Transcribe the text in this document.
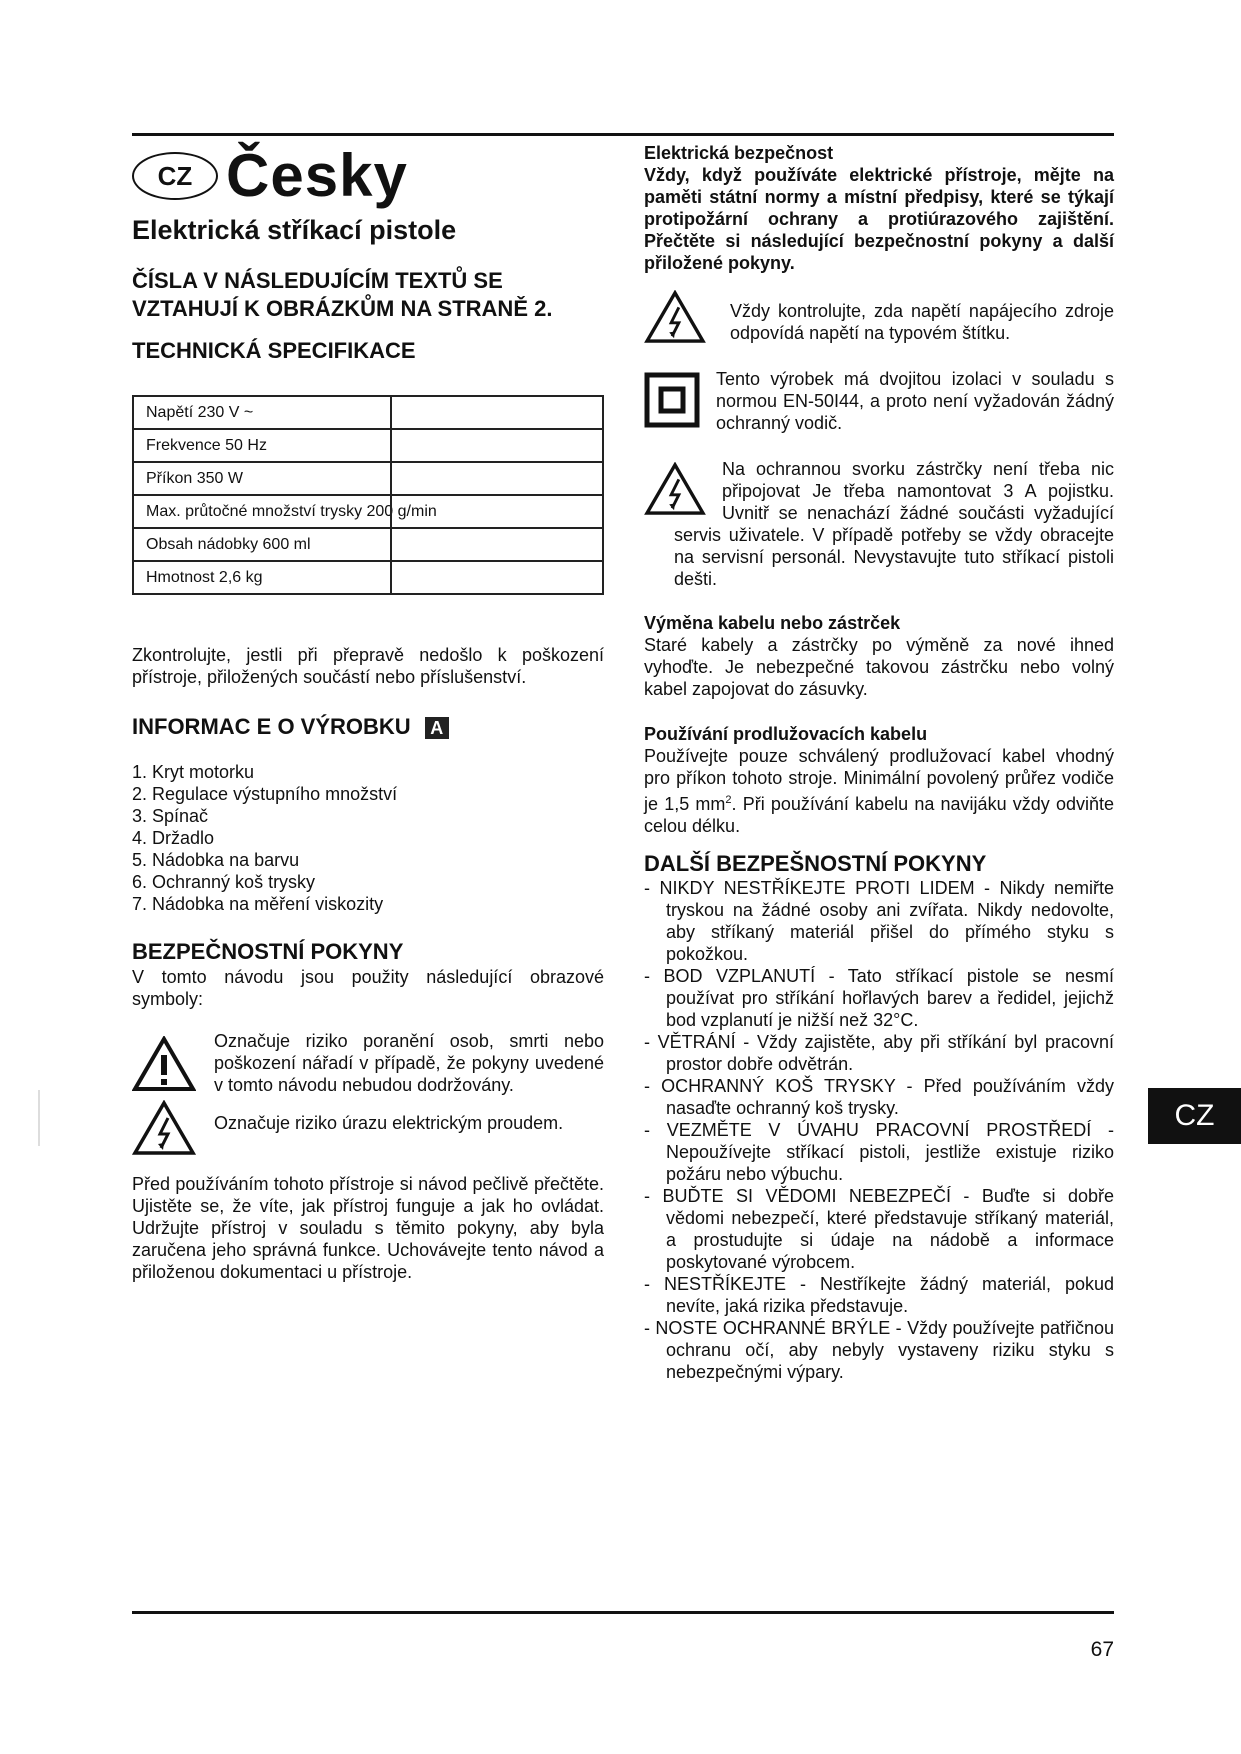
CZ Česky
Elektrická stříkací pistole
ČÍSLA V NÁSLEDUJÍCÍM TEXTŮ SE VZTAHUJÍ K OBRÁZKŮM NA STRANĚ 2.
TECHNICKÁ SPECIFIKACE
Napětí 230 V ~

Frekvence 50 Hz

Příkon 350 W

Max. průtočné množství trysky 200 g/min

Obsah nádobky 600 ml

Hmotnost 2,6 kg

Zkontrolujte, jestli při přepravě nedošlo k poškození přístroje, přiložených součástí nebo příslušenství.

INFORMAC E O VÝROBKU A
1. Kryt motorku
2. Regulace výstupního množství
3. Spínač
4. Držadlo
5. Nádobka na barvu
6. Ochranný koš trysky
7. Nádobka na měření viskozity
BEZPEČNOSTNÍ POKYNY

V tomto návodu jsou použity následující obrazové symboly:

Označuje riziko poranění osob, smrti nebo poškození nářadí v případě, že pokyny uvedené v tomto návodu nebudou dodržovány.

Označuje riziko úrazu elektrickým proudem.

Před používáním tohoto přístroje si návod pečlivě přečtěte. Ujistěte se, že víte, jak přístroj funguje a jak ho ovládat. Udržujte přístroj v souladu s těmito pokyny, aby byla zaručena jeho správná funkce. Uchovávejte tento návod a přiloženou dokumentaci u přístroje.

Elektrická bezpečnost

Vždy, když používáte elektrické přístroje, mějte na paměti státní normy a místní předpisy, které se týkají protipožární ochrany a protiúrazového zajištění. Přečtěte si následující bezpečnostní pokyny a další přiložené pokyny.

Vždy kontrolujte, zda napětí napájecího zdroje odpovídá napětí na typovém štítku.

Tento výrobek má dvojitou izolaci v souladu s normou EN-50I44, a proto není vyžadován žádný ochranný vodič.

Na ochrannou svorku zástrčky není třeba nic připojovat Je třeba namontovat 3 A pojistku. Uvnitř se nenachází žádné součásti vyžadující servis uživatele. V případě potřeby se vždy obracejte na servisní personál. Nevystavujte tuto stříkací pistoli dešti.

Výměna kabelu nebo zástrček

Staré kabely a zástrčky po výměně za nové ihned vyhoďte. Je nebezpečné takovou zástrčku nebo volný kabel zapojovat do zásuvky.

Používání prodlužovacích kabelu

Používejte pouze schválený prodlužovací kabel vhodný pro příkon tohoto stroje. Minimální povolený průřez vodiče je 1,5 $mm^2$. Při používání kabelu na navijáku vždy odviňte celou délku.

DALŠÍ BEZPEŠNOSTNÍ POKYNY

- NIKDY NESTŘÍKEJTE PROTI LIDEM - Nikdy nemiřte tryskou na žádné osoby ani zvířata. Nikdy nedovolte, aby stříkaný materiál přišel do přímého styku s pokožkou.

- BOD VZPLANUTÍ - Tato stříkací pistole se nesmí používat pro stříkání hořlavých barev a ředidel, jejichž bod vzplanutí je nižší než 32°C.

- VĚTRÁNÍ - Vždy zajistěte, aby při stříkání byl pracovní prostor dobře odvětrán.

- OCHRANNÝ KOŠ TRYSKY - Před používáním vždy nasaďte ochranný koš trysky.

- VEZMĚTE V ÚVAHU PRACOVNÍ PROSTŘEDÍ -Nepoužívejte stříkací pistoli, jestliže existuje riziko požáru nebo výbuchu.

- BUĎTE SI VĚDOMI NEBEZPEČÍ - Buďte si dobře vědomi nebezpečí, které představuje stříkaný materiál, a prostudujte si údaje na nádobě a informace poskytované výrobcem.

- NESTŘÍKEJTE - Nestříkejte žádný materiál, pokud nevíte, jaká rizika představuje.

- NOSTE OCHRANNÉ BRÝLE - Vždy používejte patřičnou ochranu očí, aby nebyly vystaveny riziku styku s nebezpečnými výpary.

CZ
67
